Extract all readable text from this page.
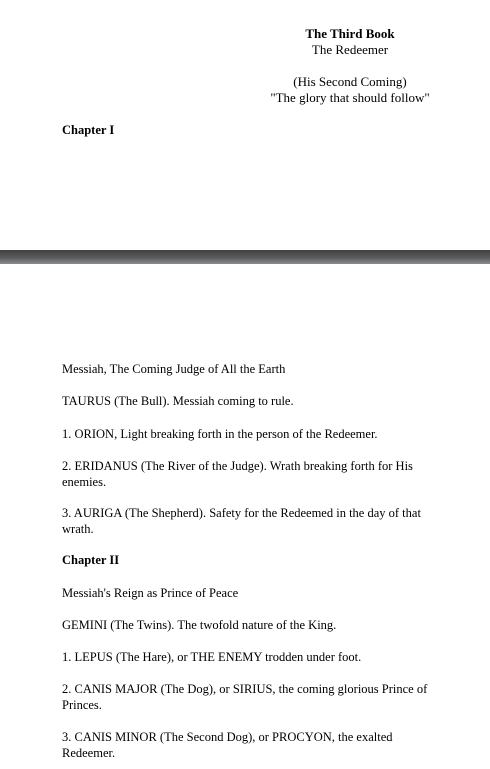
The Third Book
The Redeemer
(His Second Coming)
"The glory that should follow"
Chapter I
Messiah, The Coming Judge of All the Earth
TAURUS (The Bull). Messiah coming to rule.
1. ORION, Light breaking forth in the person of the Redeemer.
2. ERIDANUS (The River of the Judge). Wrath breaking forth for His enemies.
3. AURIGA (The Shepherd). Safety for the Redeemed in the day of that wrath.
Chapter II
Messiah's Reign as Prince of Peace
GEMINI (The Twins). The twofold nature of the King.
1. LEPUS (The Hare), or THE ENEMY trodden under foot.
2. CANIS MAJOR (The Dog), or SIRIUS, the coming glorious Prince of Princes.
3. CANIS MINOR (The Second Dog), or PROCYON, the exalted Redeemer.
